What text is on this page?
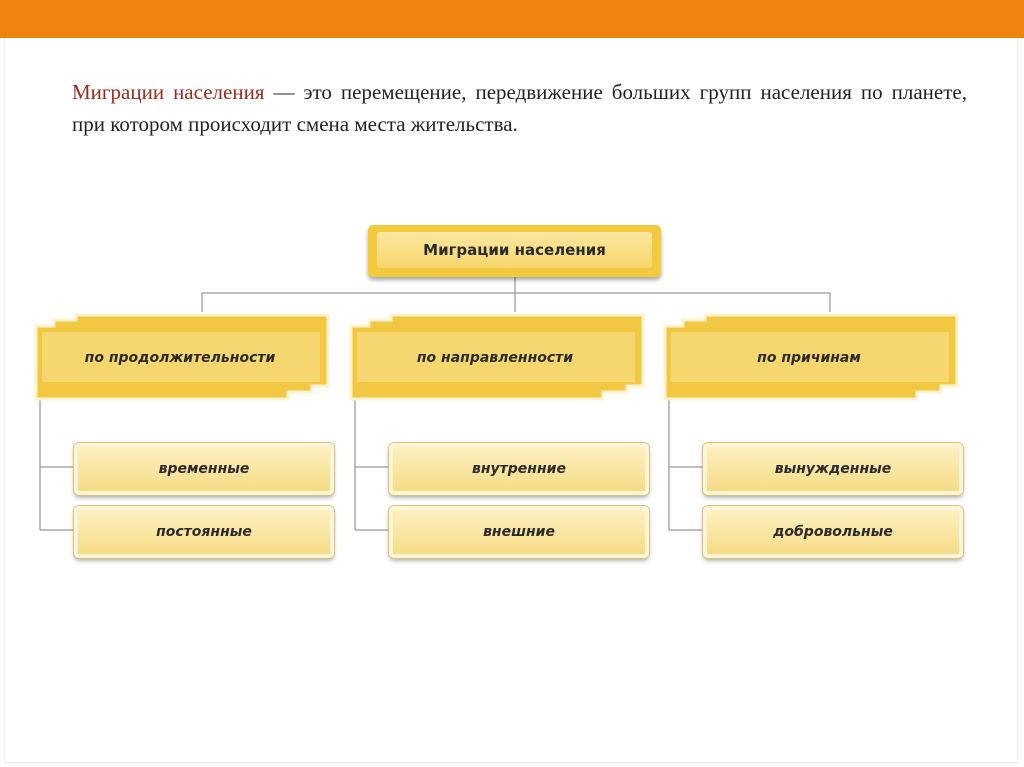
Миграции населения — это перемещение, передвижение больших групп населения по планете, при котором происходит смена места жительства.

Миграции населения
по продолжительности	по направленности	по причинам
временные
постоянные
внутренние
внешние
вынужденные
добровольные
